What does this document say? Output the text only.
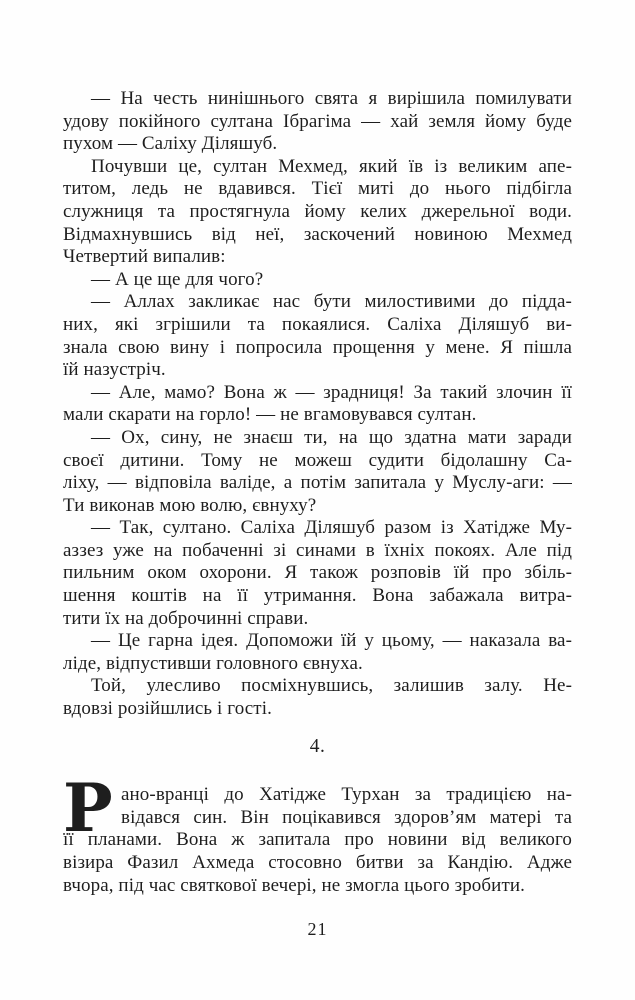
— На честь нинішнього свята я вирішила помилувати
удову покійного султана Ібрагіма — хай земля йому буде
пухом — Саліху Діляшуб.
Почувши це, султан Мехмед, який їв із великим апе-
титом, ледь не вдавився. Тієї миті до нього підбігла
служниця та простягнула йому келих джерельної води.
Відмахнувшись від неї, заскочений новиною Мехмед
Четвертий випалив:
— А це ще для чого?
— Аллах закликає нас бути милостивими до підда-
них, які згрішили та покаялися. Саліха Діляшуб ви-
знала свою вину і попросила прощення у мене. Я пішла
їй назустріч.
— Але, мамо? Вона ж — зрадниця! За такий злочин її
мали скарати на горло! — не вгамовувався султан.
— Ох, сину, не знаєш ти, на що здатна мати заради
своєї дитини. Тому не можеш судити бідолашну Са-
ліху, — відповіла валіде, а потім запитала у Муслу-аги: —
Ти виконав мою волю, євнуху?
— Так, султано. Саліха Діляшуб разом із Хатідже Му-
аззез уже на побаченні зі синами в їхніх покоях. Але під
пильним оком охорони. Я також розповів їй про збіль-
шення коштів на її утримання. Вона забажала витра-
тити їх на доброчинні справи.
— Це гарна ідея. Допоможи їй у цьому, — наказала ва-
ліде, відпустивши головного євнуха.
Той, улесливо посміхнувшись, залишив залу. Не-
вдовзі розійшлись і гості.
4.
Р ано-вранці до Хатідже Турхан за традицією на-
відався син. Він поцікавився здоров’ям матері та
її планами. Вона ж запитала про новини від великого
візира Фазил Ахмеда стосовно битви за Кандію. Адже
вчора, під час святкової вечері, не змогла цього зробити.
21
